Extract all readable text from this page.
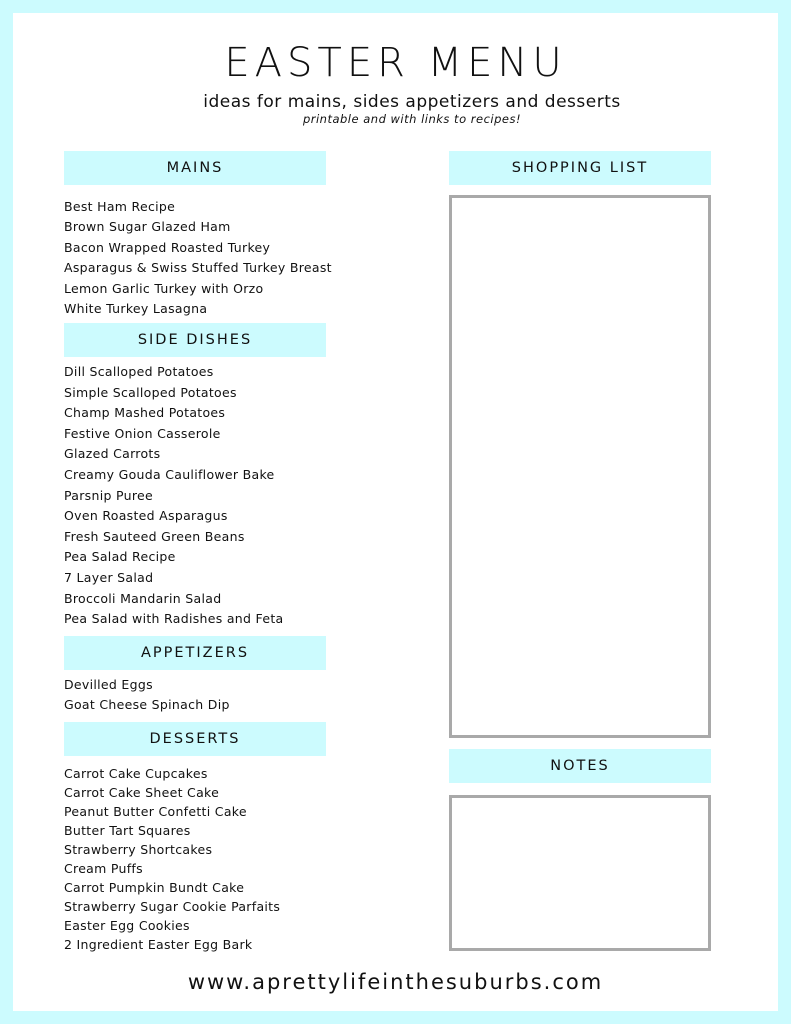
EASTER MENU
ideas for mains, sides appetizers and desserts
printable and with links to recipes!
MAINS
Best Ham Recipe
Brown Sugar Glazed Ham
Bacon Wrapped Roasted Turkey
Asparagus & Swiss Stuffed Turkey Breast
Lemon Garlic Turkey with Orzo
White Turkey Lasagna
SIDE DISHES
Dill Scalloped Potatoes
Simple Scalloped Potatoes
Champ Mashed Potatoes
Festive Onion Casserole
Glazed Carrots
Creamy Gouda Cauliflower Bake
Parsnip Puree
Oven Roasted Asparagus
Fresh Sauteed Green Beans
Pea Salad Recipe
7 Layer Salad
Broccoli Mandarin Salad
Pea Salad with Radishes and Feta
APPETIZERS
Devilled Eggs
Goat Cheese Spinach Dip
DESSERTS
Carrot Cake Cupcakes
Carrot Cake Sheet Cake
Peanut Butter Confetti Cake
Butter Tart Squares
Strawberry Shortcakes
Cream Puffs
Carrot Pumpkin Bundt Cake
Strawberry Sugar Cookie Parfaits
Easter Egg Cookies
2 Ingredient Easter Egg Bark
SHOPPING LIST
NOTES
www.aprettylifeinthesuburbs.com
